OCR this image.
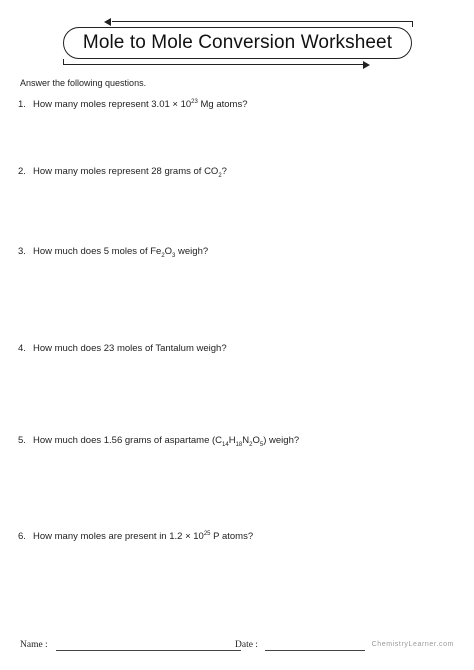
Mole to Mole Conversion Worksheet
Answer the following questions.
1. How many moles represent $3.01 \times 10^{23}$ Mg atoms?
2. How many moles represent 28 grams of $CO_2$?
3. How much does 5 moles of $Fe_2O_3$ weigh?
4. How much does 23 moles of Tantalum weigh?
5. How much does 1.56 grams of aspartame $(C_{14}H_{18}N_2O_5)$ weigh?
6. How many moles are present in $1.2 \times 10^{25}$ P atoms?
Name :	Date :	ChemistryLearner.com
